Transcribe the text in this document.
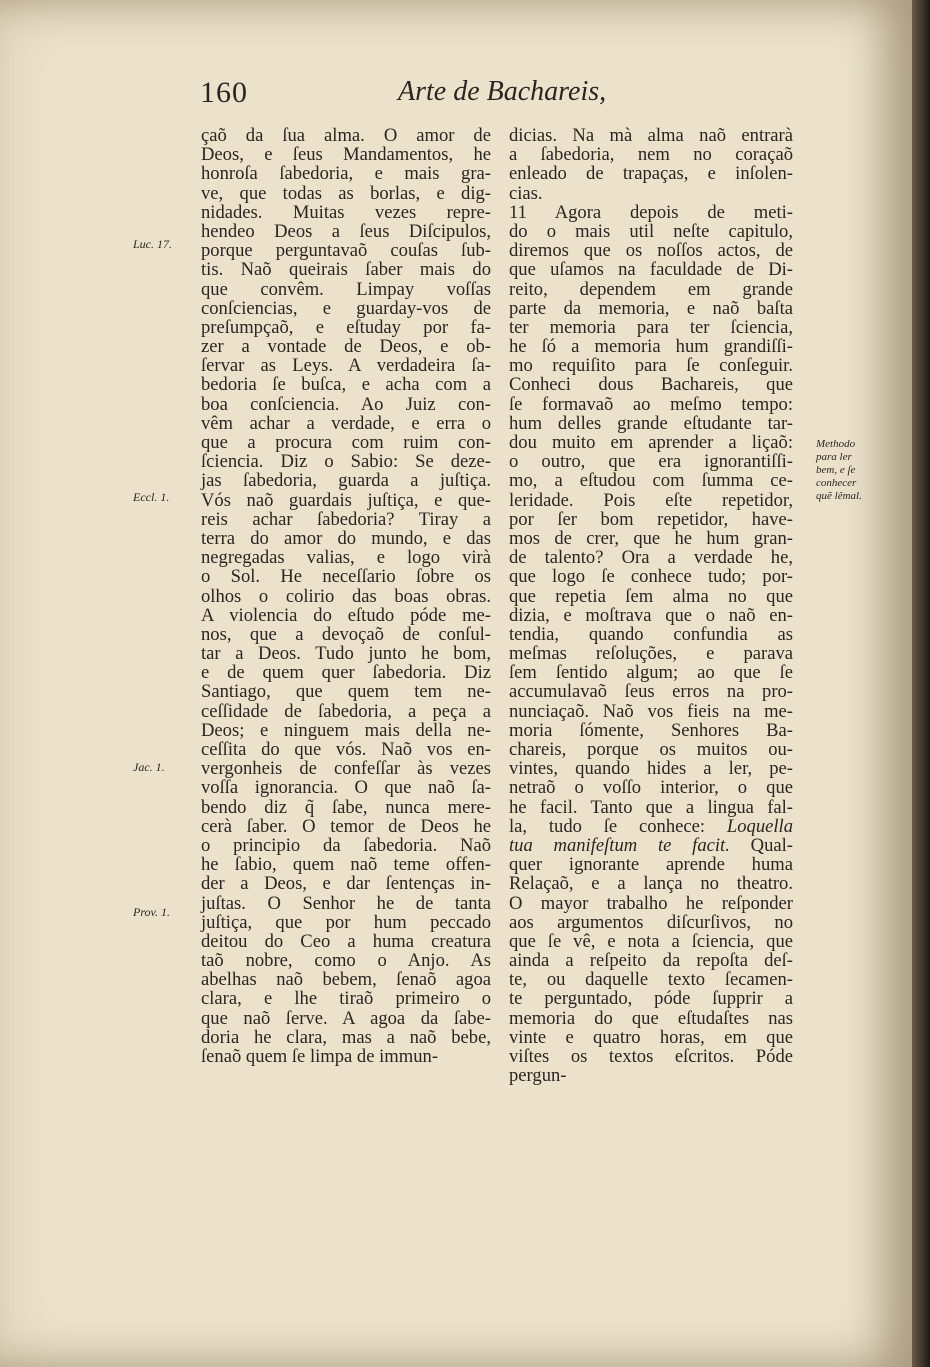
160	Arte de Bachareis,
çaõ da ſua alma. O amor de
Deos, e ſeus Mandamentos, he
honroſa ſabedoria, e mais gra-
ve, que todas as borlas, e dig-
nidades. Muitas vezes repre-
hendeo Deos a ſeus Diſcipulos,
porque perguntavaõ couſas ſub-
tis. Naõ queirais ſaber mais do
que convêm. Limpay voſſas
conſciencias, e guarday-vos de
preſumpçaõ, e eſtuday por fa-
zer a vontade de Deos, e ob-
ſervar as Leys. A verdadeira ſa-
bedoria ſe buſca, e acha com a
boa conſciencia. Ao Juiz con-
vêm achar a verdade, e erra o
que a procura com ruim con-
ſciencia. Diz o Sabio: Se deze-
jas ſabedoria, guarda a juſtiça.
Vós naõ guardais juſtiça, e que-
reis achar ſabedoria? Tiray a
terra do amor do mundo, e das
negregadas valias, e logo virà
o Sol. He neceſſario ſobre os
olhos o colirio das boas obras.
A violencia do eſtudo póde me-
nos, que a devoçaõ de conſul-
tar a Deos. Tudo junto he bom,
e de quem quer ſabedoria. Diz
Santiago, que quem tem ne-
ceſſidade de ſabedoria, a peça a
Deos; e ninguem mais della ne-
ceſſita do que vós. Naõ vos en-
vergonheis de confeſſar às vezes
voſſa ignorancia. O que naõ ſa-
bendo diz q̃ ſabe, nunca mere-
cerà ſaber. O temor de Deos he
o principio da ſabedoria. Naõ
he ſabio, quem naõ teme offen-
der a Deos, e dar ſentenças in-
juſtas. O Senhor he de tanta
juſtiça, que por hum peccado
deitou do Ceo a huma creatura
taõ nobre, como o Anjo. As
abelhas naõ bebem, ſenaõ agoa
clara, e lhe tiraõ primeiro o
que naõ ſerve. A agoa da ſabe-
doria he clara, mas a naõ bebe,
ſenaõ quem ſe limpa de immun-
dicias. Na mà alma naõ entrarà
a ſabedoria, nem no coraçaõ
enleado de trapaças, e inſolen-
cias.
11 Agora depois de meti-
do o mais util neſte capitulo,
diremos que os noſſos actos, de
que uſamos na faculdade de Di-
reito, dependem em grande
parte da memoria, e naõ baſta
ter memoria para ter ſciencia,
he ſó a memoria hum grandiſſi-
mo requiſito para ſe conſeguir.
Conheci dous Bachareis, que
ſe formavaõ ao meſmo tempo:
hum delles grande eſtudante tar-
dou muito em aprender a liçaõ:
o outro, que era ignorantiſſi-
mo, a eſtudou com ſumma ce-
leridade. Pois eſte repetidor,
por ſer bom repetidor, have-
mos de crer, que he hum gran-
de talento? Ora a verdade he,
que logo ſe conhece tudo; por-
que repetia ſem alma no que
dizia, e moſtrava que o naõ en-
tendia, quando confundia as
meſmas reſoluções, e parava
ſem ſentido algum; ao que ſe
accumulavaõ ſeus erros na pro-
nunciaçaõ. Naõ vos fieis na me-
moria ſómente, Senhores Ba-
chareis, porque os muitos ou-
vintes, quando hides a ler, pe-
netraõ o voſſo interior, o que
he facil. Tanto que a lingua fal-
la, tudo ſe conhece: Loquella
tua manifeſtum te facit. Qual-
quer ignorante aprende huma
Relaçaõ, e a lança no theatro.
O mayor trabalho he reſponder
aos argumentos diſcurſivos, no
que ſe vê, e nota a ſciencia, que
ainda a reſpeito da repoſta deſ-
te, ou daquelle texto ſecamen-
te perguntado, póde ſupprir a
memoria do que eſtudaſtes nas
vinte e quatro horas, em que
viſtes os textos eſcritos. Póde
pergun-
Luc. 17.
Eccl. 1.
Jac. 1.
Prov. 1.
Methodo
para ler
bem, e ſe
conhecer
quẽ lêmal.
